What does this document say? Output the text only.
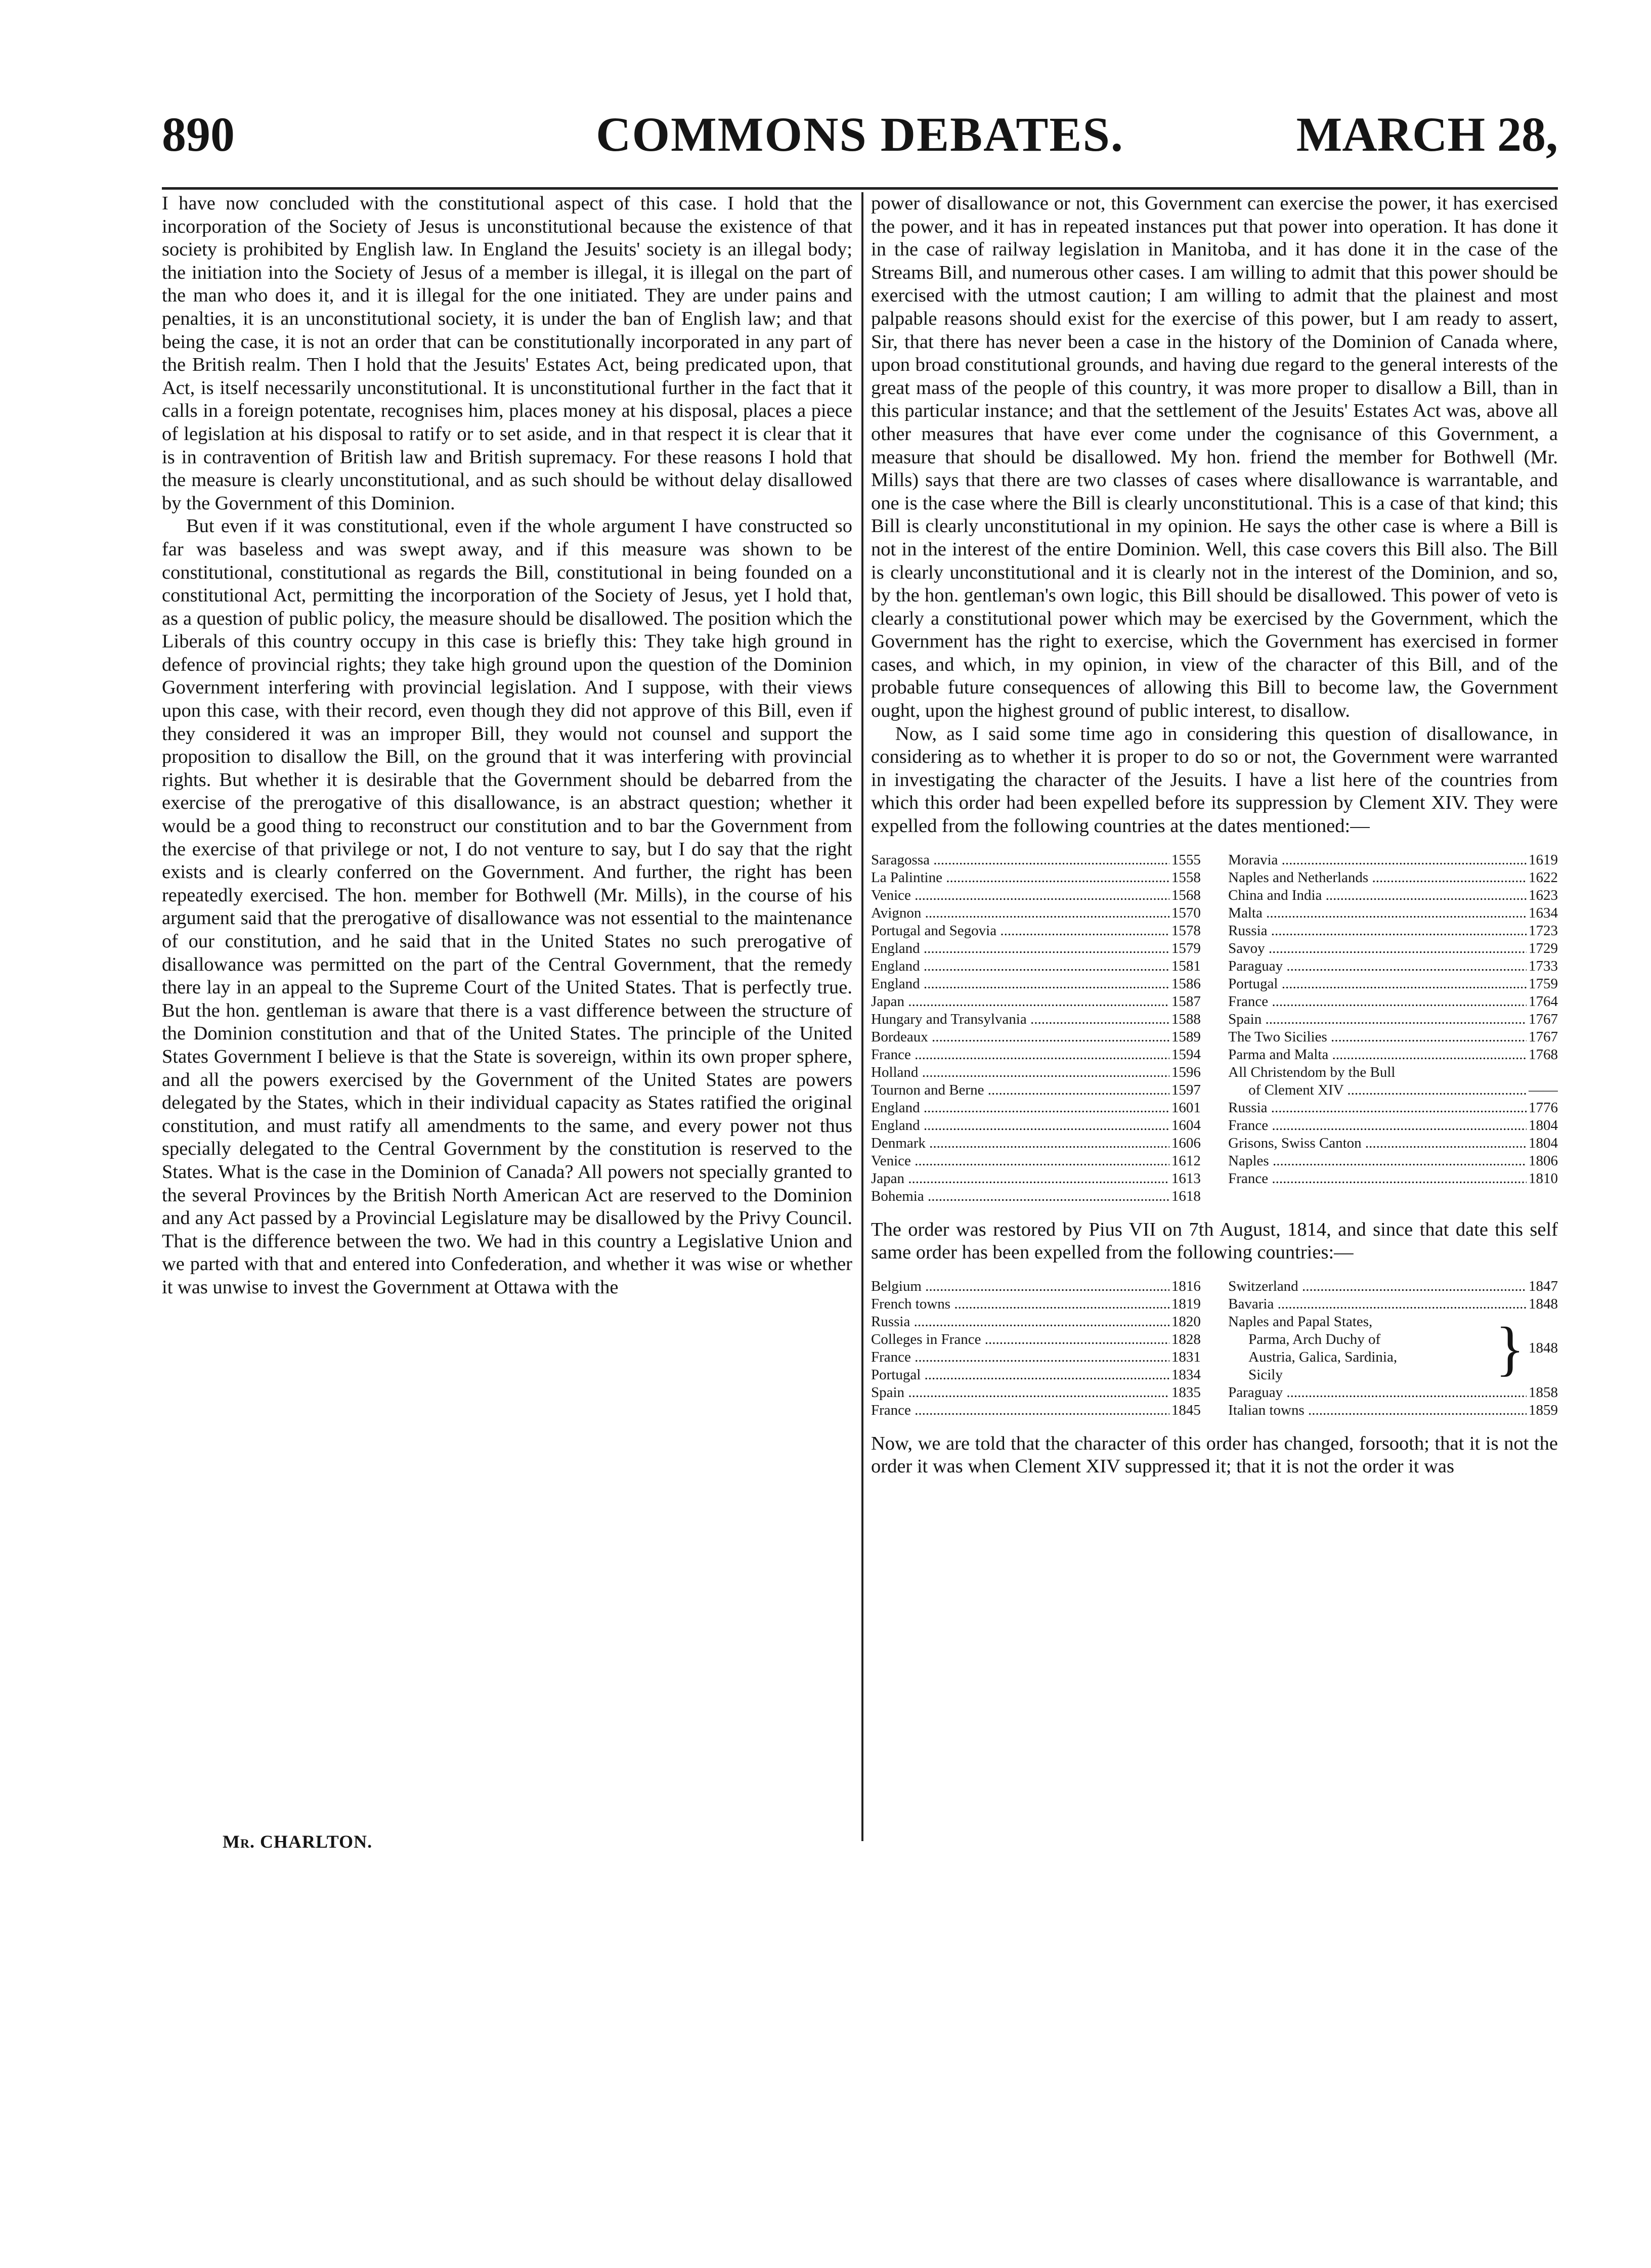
890	COMMONS DEBATES.	MARCH 28,

I have now concluded with the constitutional aspect of this case. I hold that the incorporation of the Society of Jesus is unconstitutional because the existence of that society is prohibited by English law. In England the Jesuits' society is an illegal body; the initiation into the Society of Jesus of a member is illegal, it is illegal on the part of the man who does it, and it is illegal for the one initiated. They are under pains and penalties, it is an unconstitutional society, it is under the ban of English law; and that being the case, it is not an order that can be constitutionally incorporated in any part of the British realm. Then I hold that the Jesuits' Estates Act, being predicated upon, that Act, is itself necessarily unconstitutional. It is unconstitutional further in the fact that it calls in a foreign potentate, recognises him, places money at his disposal, places a piece of legislation at his disposal to ratify or to set aside, and in that respect it is clear that it is in contravention of British law and British supremacy. For these reasons I hold that the measure is clearly unconstitutional, and as such should be without delay disallowed by the Government of this Dominion.

But even if it was constitutional, even if the whole argument I have constructed so far was baseless and was swept away, and if this measure was shown to be constitutional, constitutional as regards the Bill, constitutional in being founded on a constitutional Act, permitting the incorporation of the Society of Jesus, yet I hold that, as a question of public policy, the measure should be disallowed. The position which the Liberals of this country occupy in this case is briefly this: They take high ground in defence of provincial rights; they take high ground upon the question of the Dominion Government interfering with provincial legislation. And I suppose, with their views upon this case, with their record, even though they did not approve of this Bill, even if they considered it was an improper Bill, they would not counsel and support the proposition to disallow the Bill, on the ground that it was interfering with provincial rights. But whether it is desirable that the Government should be debarred from the exercise of the prerogative of this disallowance, is an abstract question; whether it would be a good thing to reconstruct our constitution and to bar the Government from the exercise of that privilege or not, I do not venture to say, but I do say that the right exists and is clearly conferred on the Government. And further, the right has been repeatedly exercised. The hon. member for Bothwell (Mr. Mills), in the course of his argument said that the prerogative of disallowance was not essential to the maintenance of our constitution, and he said that in the United States no such prerogative of disallowance was permitted on the part of the Central Government, that the remedy there lay in an appeal to the Supreme Court of the United States. That is perfectly true. But the hon. gentleman is aware that there is a vast difference between the structure of the Dominion constitution and that of the United States. The principle of the United States Government I believe is that the State is sovereign, within its own proper sphere, and all the powers exercised by the Government of the United States are powers delegated by the States, which in their individual capacity as States ratified the original constitution, and must ratify all amendments to the same, and every power not thus specially delegated to the Central Government by the constitution is reserved to the States. What is the case in the Dominion of Canada? All powers not specially granted to the several Provinces by the British North American Act are reserved to the Dominion and any Act passed by a Provincial Legislature may be disallowed by the Privy Council. That is the difference between the two. We had in this country a Legislative Union and we parted with that and entered into Confederation, and whether it was wise or whether it was unwise to invest the Government at Ottawa with the

power of disallowance or not, this Government can exercise the power, it has exercised the power, and it has in repeated instances put that power into operation. It has done it in the case of railway legislation in Manitoba, and it has done it in the case of the Streams Bill, and numerous other cases. I am willing to admit that this power should be exercised with the utmost caution; I am willing to admit that the plainest and most palpable reasons should exist for the exercise of this power, but I am ready to assert, Sir, that there has never been a case in the history of the Dominion of Canada where, upon broad constitutional grounds, and having due regard to the general interests of the great mass of the people of this country, it was more proper to disallow a Bill, than in this particular instance; and that the settlement of the Jesuits' Estates Act was, above all other measures that have ever come under the cognisance of this Government, a measure that should be disallowed. My hon. friend the member for Bothwell (Mr. Mills) says that there are two classes of cases where disallowance is warrantable, and one is the case where the Bill is clearly unconstitutional. This is a case of that kind; this Bill is clearly unconstitutional in my opinion. He says the other case is where a Bill is not in the interest of the entire Dominion. Well, this case covers this Bill also. The Bill is clearly unconstitutional and it is clearly not in the interest of the Dominion, and so, by the hon. gentleman's own logic, this Bill should be disallowed. This power of veto is clearly a constitutional power which may be exercised by the Government, which the Government has the right to exercise, which the Government has exercised in former cases, and which, in my opinion, in view of the character of this Bill, and of the probable future consequences of allowing this Bill to become law, the Government ought, upon the highest ground of public interest, to disallow.

Now, as I said some time ago in considering this question of disallowance, in considering as to whether it is proper to do so or not, the Government were warranted in investigating the character of the Jesuits. I have a list here of the countries from which this order had been expelled before its suppression by Clement XIV. They were expelled from the following countries at the dates mentioned:—

Saragossa .....	1555
La Palintine .....	1558
Venice .....	1568
Avignon .....	1570
Portugal and Segovia .....	1578
England .....	1579
England .....	1581
England .....	1586
Japan .....	1587
Hungary and Transylvania .....	1588
Bordeaux .....	1589
France .....	1594
Holland .....	1596
Tournon and Berne .....	1597
England .....	1601
England .....	1604
Denmark .....	1606
Venice .....	1612
Japan .....	1613
Bohemia .....	1618
Moravia .....	1619
Naples and Netherlands .....	1622
China and India .....	1623
Malta .....	1634
Russia .....	1723
Savoy .....	1729
Paraguay .....	1733
Portugal .....	1759
France .....	1764
Spain .....	1767
The Two Sicilies .....	1767
Parma and Malta .....	1768
All Christendom by the Bull
of Clement XIV .....	——
Russia .....	1776
France .....	1804
Grisons, Swiss Canton .....	1804
Naples .....	1806
France .....	1810

The order was restored by Pius VII on 7th August, 1814, and since that date this self same order has been expelled from the following countries:—

Belgium .....	1816
French towns .....	1819
Russia .....	1820
Colleges in France .....	1828
France .....	1831
Portugal .....	1834
Spain .....	1835
France .....	1845
Switzerland .....	1847
Bavaria .....	1848
Naples and Papal States,
Parma, Arch Duchy of
Austria, Galica, Sardinia,
Sicily	} 1848
Paraguay .....	1858
Italian towns .....	1859

Now, we are told that the character of this order has changed, forsooth; that it is not the order it was when Clement XIV suppressed it; that it is not the order it was

Mr. CHARLTON.
